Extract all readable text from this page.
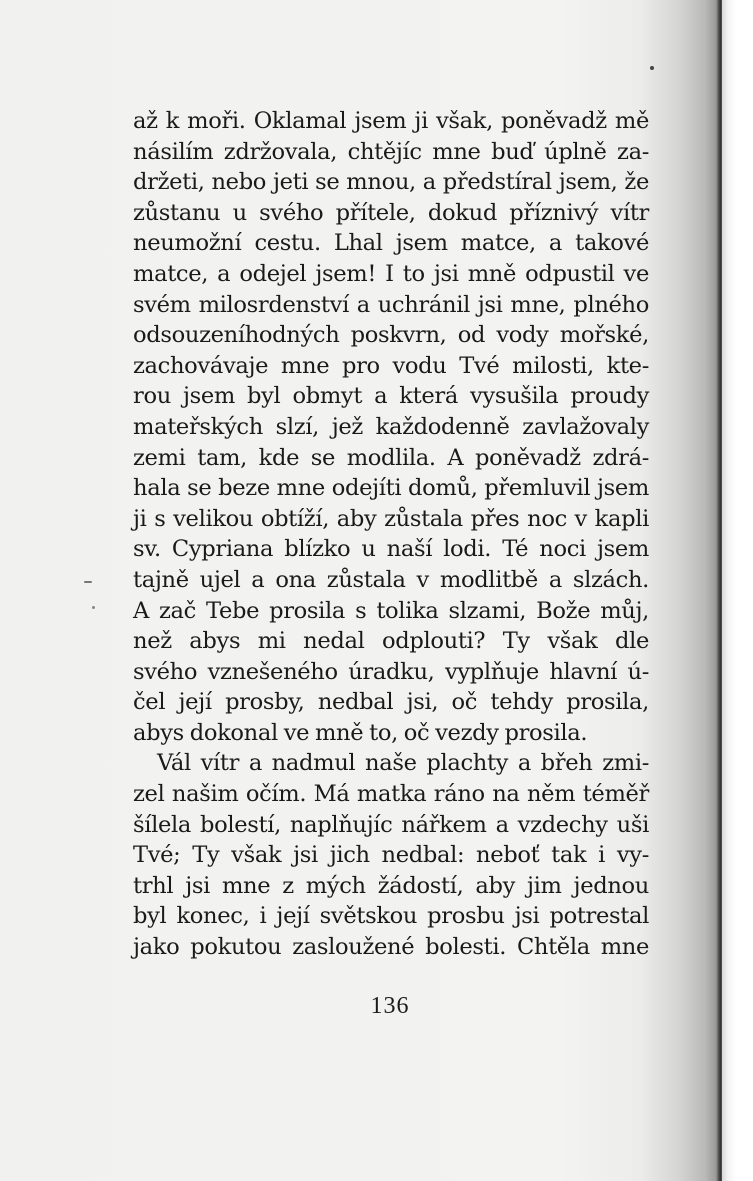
až k moři. Oklamal jsem ji však, poněvadž mě
násilím zdržovala, chtějíc mne buď úplně za-
držeti, nebo jeti se mnou, a předstíral jsem, že
zůstanu u svého přítele, dokud příznivý vítr
neumožní cestu. Lhal jsem matce, a takové
matce, a odejel jsem! I to jsi mně odpustil ve
svém milosrdenství a uchránil jsi mne, plného
odsouzeníhodných poskvrn, od vody mořské,
zachovávaje mne pro vodu Tvé milosti, kte-
rou jsem byl obmyt a která vysušila proudy
mateřských slzí, jež každodenně zavlažovaly
zemi tam, kde se modlila. A poněvadž zdrá-
hala se beze mne odejíti domů, přemluvil jsem
ji s velikou obtíží, aby zůstala přes noc v kapli
sv. Cypriana blízko u naší lodi. Té noci jsem
tajně ujel a ona zůstala v modlitbě a slzách.
A zač Tebe prosila s tolika slzami, Bože můj,
než abys mi nedal odplouti? Ty však dle
svého vznešeného úradku, vyplňuje hlavní ú-
čel její prosby, nedbal jsi, oč tehdy prosila,
abys dokonal ve mně to, oč vezdy prosila.
Vál vítr a nadmul naše plachty a břeh zmi-
zel našim očím. Má matka ráno na něm téměř
šílela bolestí, naplňujíc nářkem a vzdechy uši
Tvé; Ty však jsi jich nedbal: neboť tak i vy-
trhl jsi mne z mých žádostí, aby jim jednou
byl konec, i její světskou prosbu jsi potrestal
jako pokutou zasloužené bolesti. Chtěla mne
136
